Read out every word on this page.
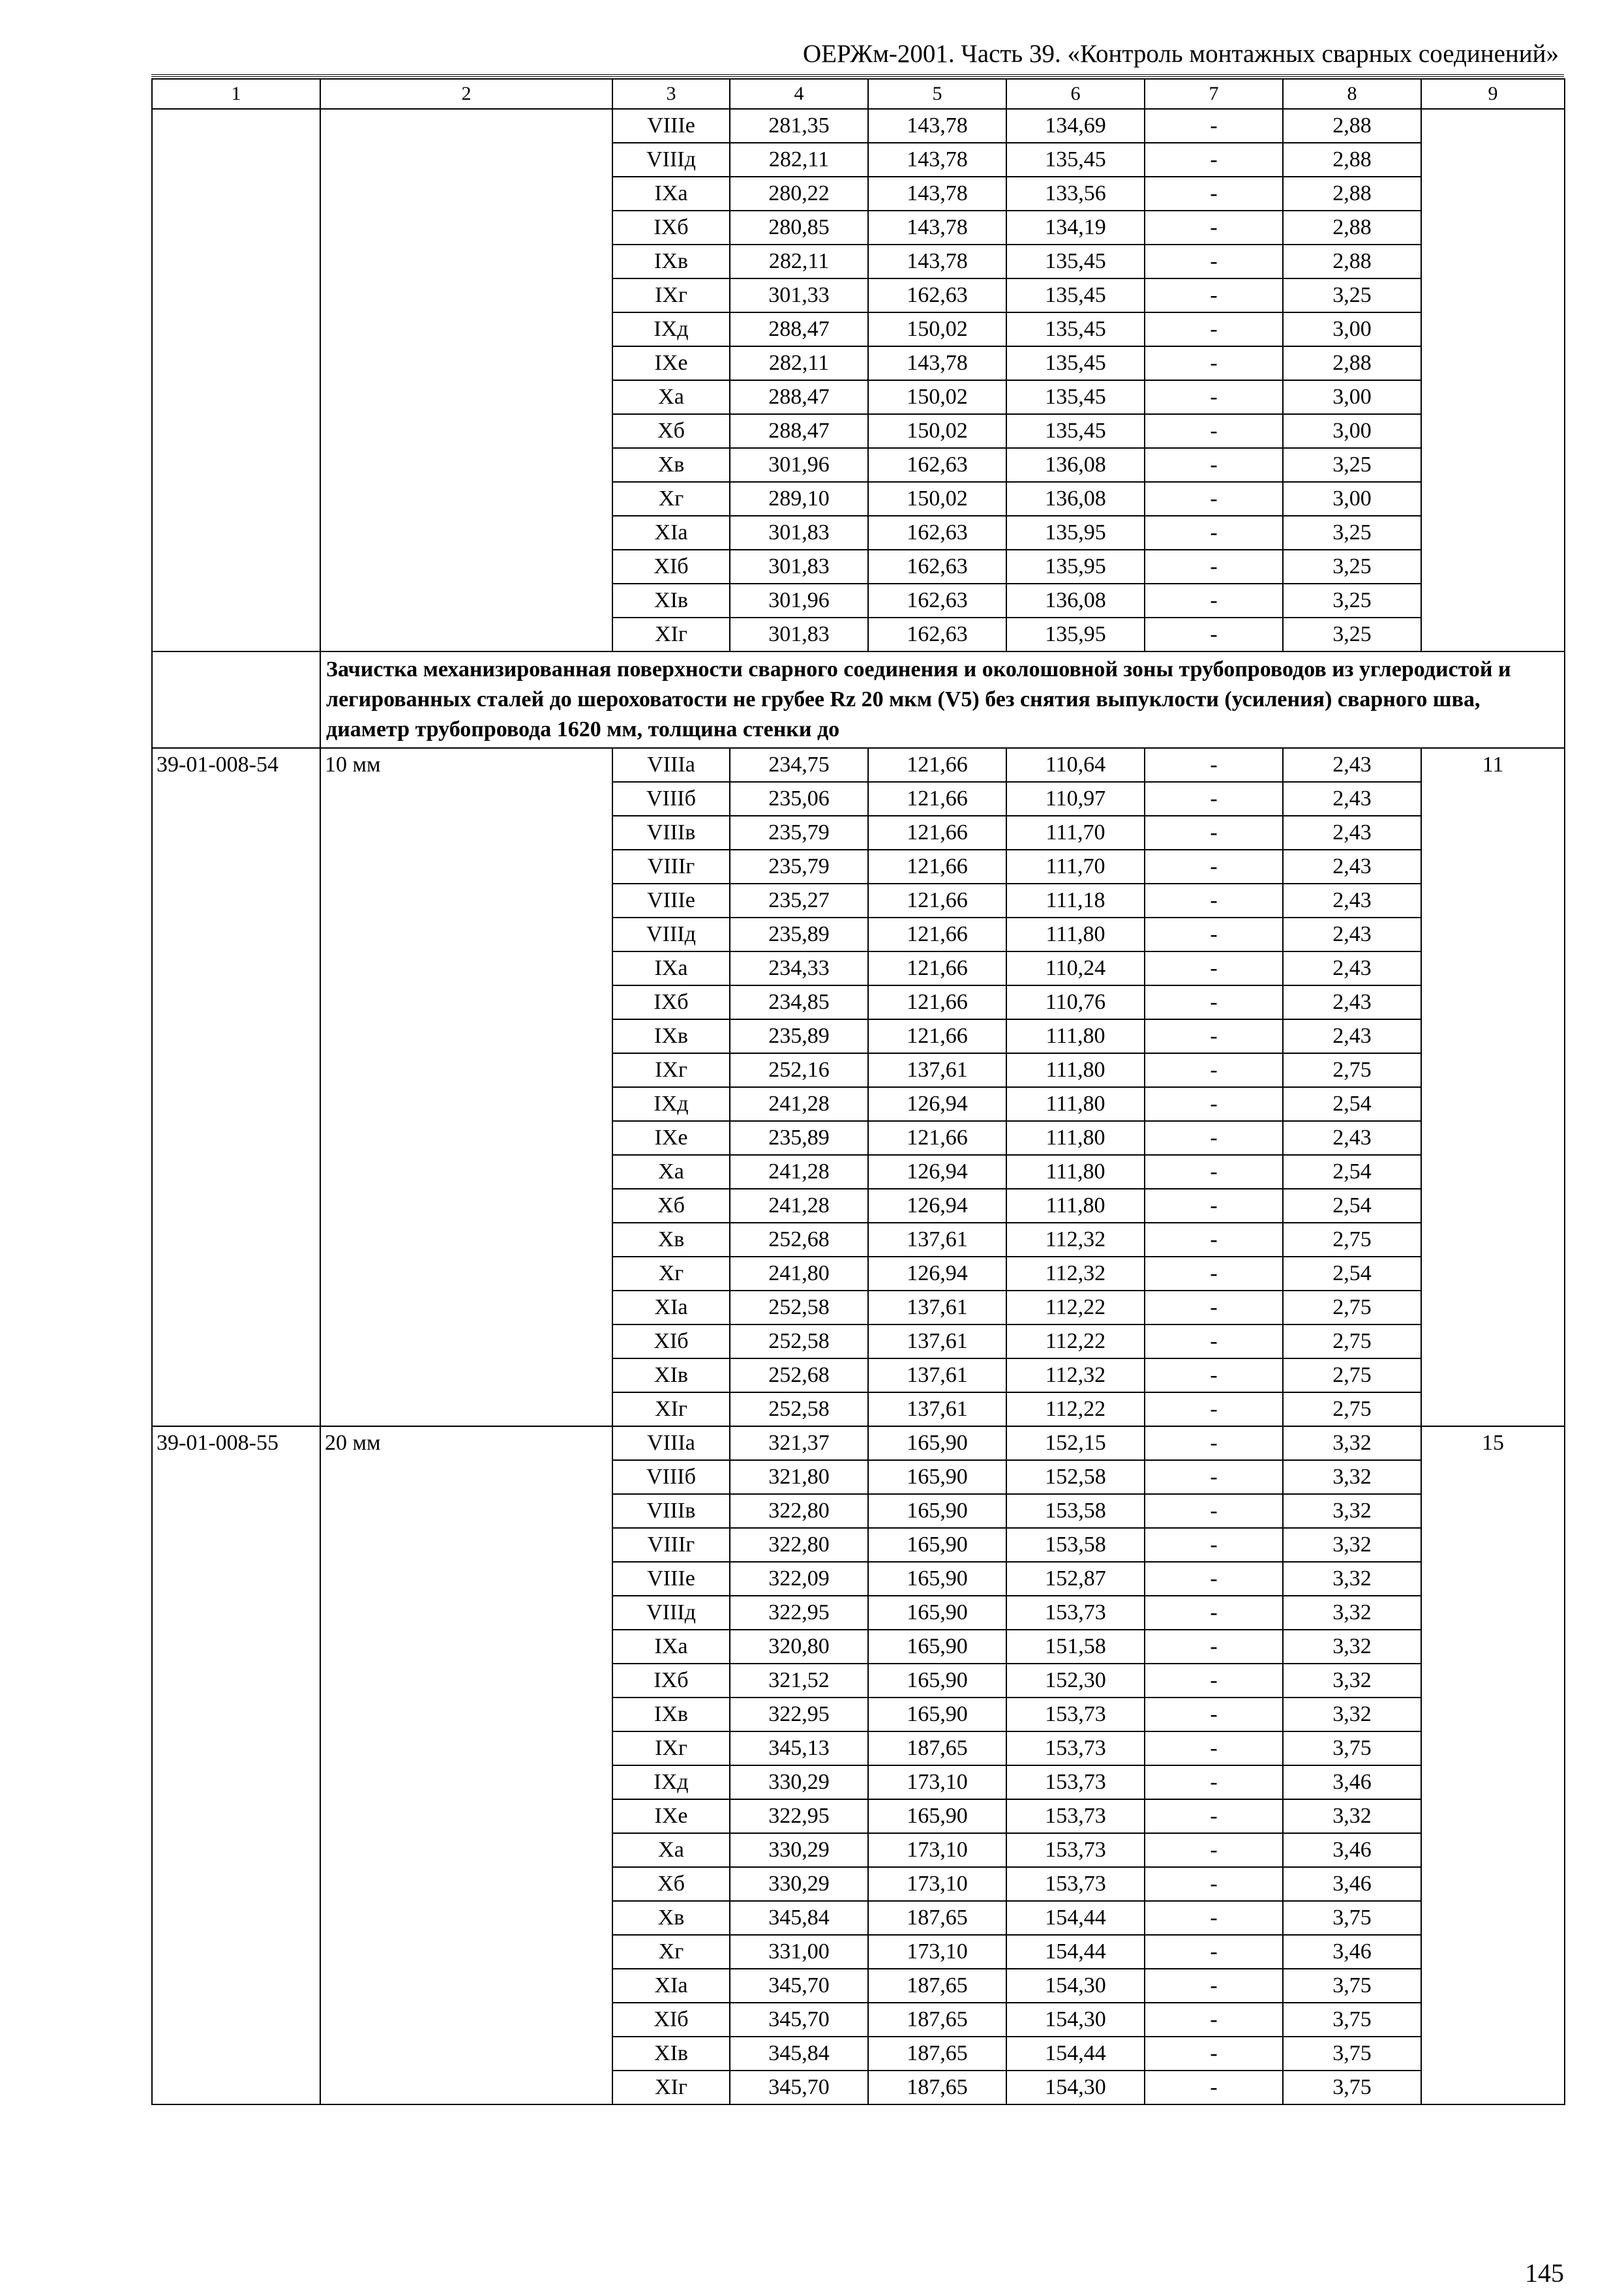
ОЕРЖм-2001. Часть 39. «Контроль монтажных сварных соединений»
1	2	3	4	5	6	7	8	9
		VIIIе	281,35	143,78	134,69	-	2,88	
		VIIIд	282,11	143,78	135,45	-	2,88	
		IXа	280,22	143,78	133,56	-	2,88	
		IXб	280,85	143,78	134,19	-	2,88	
		IXв	282,11	143,78	135,45	-	2,88	
		IXг	301,33	162,63	135,45	-	3,25	
		IXд	288,47	150,02	135,45	-	3,00	
		IXе	282,11	143,78	135,45	-	2,88	
		Xа	288,47	150,02	135,45	-	3,00	
		Xб	288,47	150,02	135,45	-	3,00	
		Xв	301,96	162,63	136,08	-	3,25	
		Xг	289,10	150,02	136,08	-	3,00	
		XIа	301,83	162,63	135,95	-	3,25	
		XIб	301,83	162,63	135,95	-	3,25	
		XIв	301,96	162,63	136,08	-	3,25	
		XIг	301,83	162,63	135,95	-	3,25	
	Зачистка механизированная поверхности сварного соединения и околошовной зоны трубопроводов из углеродистой и легированных сталей до шероховатости не грубее Rz 20 мкм (V5) без снятия выпуклости (усиления) сварного шва, диаметр трубопровода 1620 мм, толщина стенки до							
39-01-008-54	10 мм	VIIIа	234,75	121,66	110,64	-	2,43	11
		VIIIб	235,06	121,66	110,97	-	2,43	
		VIIIв	235,79	121,66	111,70	-	2,43	
		VIIIг	235,79	121,66	111,70	-	2,43	
		VIIIе	235,27	121,66	111,18	-	2,43	
		VIIIд	235,89	121,66	111,80	-	2,43	
		IXа	234,33	121,66	110,24	-	2,43	
		IXб	234,85	121,66	110,76	-	2,43	
		IXв	235,89	121,66	111,80	-	2,43	
		IXг	252,16	137,61	111,80	-	2,75	
		IXд	241,28	126,94	111,80	-	2,54	
		IXе	235,89	121,66	111,80	-	2,43	
		Xа	241,28	126,94	111,80	-	2,54	
		Xб	241,28	126,94	111,80	-	2,54	
		Xв	252,68	137,61	112,32	-	2,75	
		Xг	241,80	126,94	112,32	-	2,54	
		XIа	252,58	137,61	112,22	-	2,75	
		XIб	252,58	137,61	112,22	-	2,75	
		XIв	252,68	137,61	112,32	-	2,75	
		XIг	252,58	137,61	112,22	-	2,75	
39-01-008-55	20 мм	VIIIа	321,37	165,90	152,15	-	3,32	15
		VIIIб	321,80	165,90	152,58	-	3,32	
		VIIIв	322,80	165,90	153,58	-	3,32	
		VIIIг	322,80	165,90	153,58	-	3,32	
		VIIIе	322,09	165,90	152,87	-	3,32	
		VIIIд	322,95	165,90	153,73	-	3,32	
		IXа	320,80	165,90	151,58	-	3,32	
		IXб	321,52	165,90	152,30	-	3,32	
		IXв	322,95	165,90	153,73	-	3,32	
		IXг	345,13	187,65	153,73	-	3,75	
		IXд	330,29	173,10	153,73	-	3,46	
		IXе	322,95	165,90	153,73	-	3,32	
		Xа	330,29	173,10	153,73	-	3,46	
		Xб	330,29	173,10	153,73	-	3,46	
		Xв	345,84	187,65	154,44	-	3,75	
		Xг	331,00	173,10	154,44	-	3,46	
		XIа	345,70	187,65	154,30	-	3,75	
		XIб	345,70	187,65	154,30	-	3,75	
		XIв	345,84	187,65	154,44	-	3,75	
		XIг	345,70	187,65	154,30	-	3,75	
145
